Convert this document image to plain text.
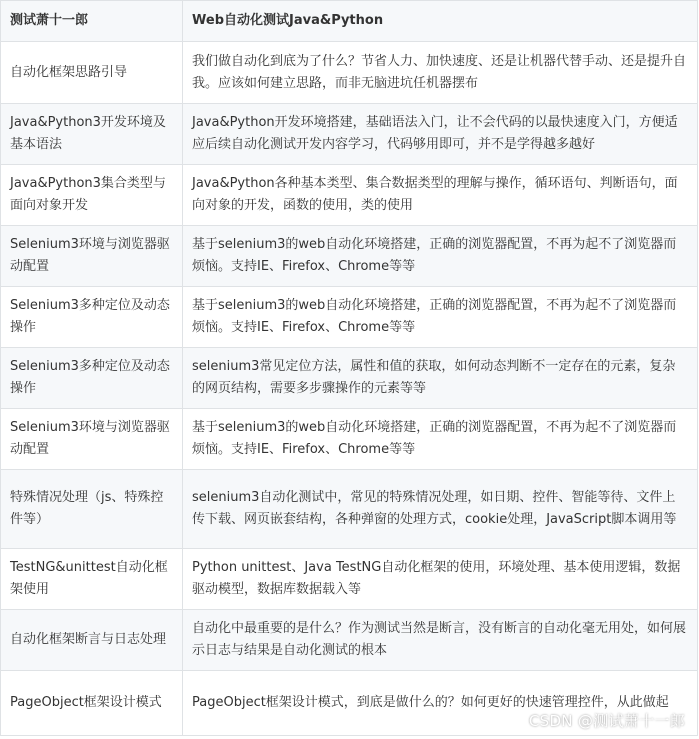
测试萧十一郎	Web自动化测试Java&Python
自动化框架思路引导	我们做自动化到底为了什么？节省人力、加快速度、还是让机器代替手动、还是提升自我。应该如何建立思路，而非无脑进坑任机器摆布
Java&Python3开发环境及基本语法	Java&Python开发环境搭建，基础语法入门，让不会代码的以最快速度入门，方便适应后续自动化测试开发内容学习，代码够用即可，并不是学得越多越好
Java&Python3集合类型与面向对象开发	Java&Python各种基本类型、集合数据类型的理解与操作，循环语句、判断语句，面向对象的开发，函数的使用，类的使用
Selenium3环境与浏览器驱动配置	基于selenium3的web自动化环境搭建，正确的浏览器配置，不再为起不了浏览器而烦恼。支持IE、Firefox、Chrome等等
Selenium3多种定位及动态操作	基于selenium3的web自动化环境搭建，正确的浏览器配置，不再为起不了浏览器而烦恼。支持IE、Firefox、Chrome等等
Selenium3多种定位及动态操作	selenium3常见定位方法，属性和值的获取，如何动态判断不一定存在的元素，复杂的网页结构，需要多步骤操作的元素等等
Selenium3环境与浏览器驱动配置	基于selenium3的web自动化环境搭建，正确的浏览器配置，不再为起不了浏览器而烦恼。支持IE、Firefox、Chrome等等
特殊情况处理（js、特殊控件等）	selenium3自动化测试中，常见的特殊情况处理，如日期、控件、智能等待、文件上传下载、网页嵌套结构，各种弹窗的处理方式，cookie处理，JavaScript脚本调用等
TestNG&unittest自动化框架使用	Python unittest、Java TestNG自动化框架的使用，环境处理、基本使用逻辑，数据驱动模型，数据库数据载入等
自动化框架断言与日志处理	自动化中最重要的是什么？作为测试当然是断言，没有断言的自动化毫无用处，如何展示日志与结果是自动化测试的根本
PageObject框架设计模式	PageObject框架设计模式，到底是做什么的？如何更好的快速管理控件，从此做起
CSDN @测试萧十一郎
